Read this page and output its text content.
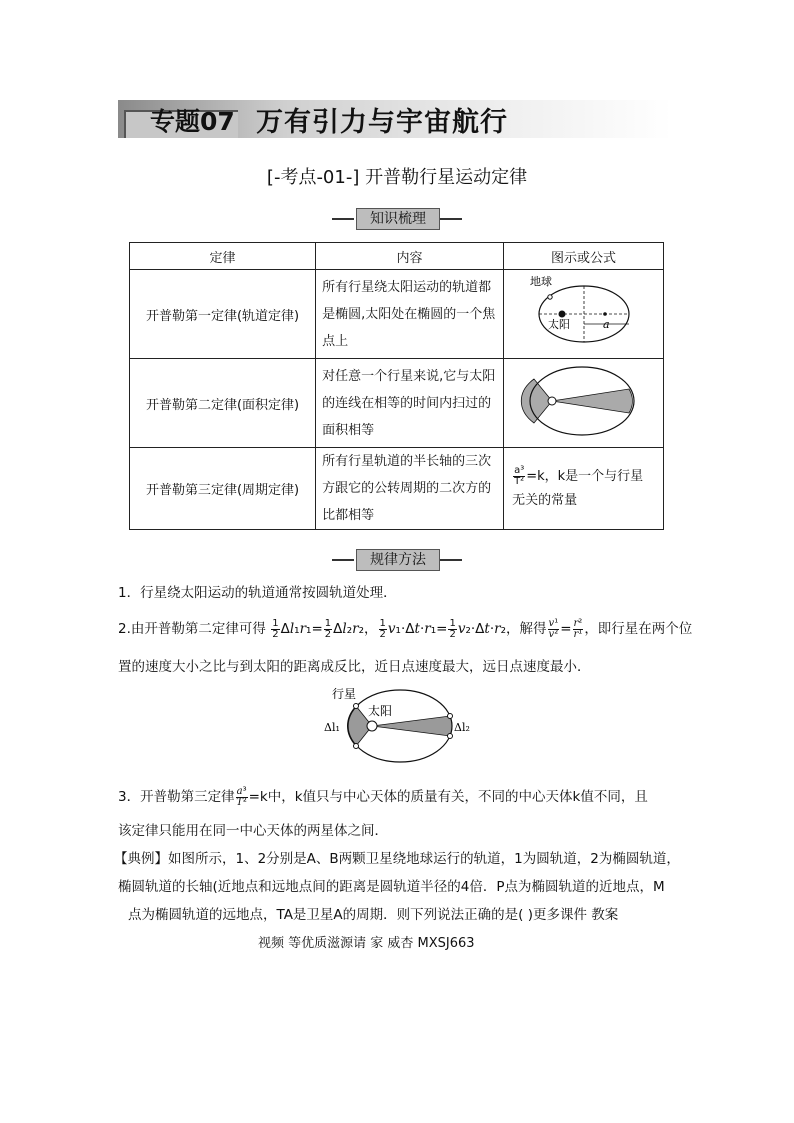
专题07 万有引力与宇宙航行
[-考点-01-] 开普勒行星运动定律
知识梳理
定律	内容	图示或公式
开普勒第一定律(轨道定律)	所有行星绕太阳运动的轨道都是椭圆,太阳处在椭圆的一个焦点上	地球
太阳 a

开普勒第二定律(面积定律)	对任意一个行星来说,它与太阳的连线在相等的时间内扫过的面积相等	
开普勒第三定律(周期定律)	所有行星轨道的半长轴的三次方跟它的公转周期的二次方的比都相等	$\frac{\text{a³}}{\text{T²}} =k$，k是一个与行星无关的常量
规律方法
1．行星绕太阳运动的轨道通常按圆轨道处理．
2.由开普勒第二定律可得 $\frac{1}{2} \Delta l_1r_1= \frac{1}{2} \Delta l_2r_2$， $\frac{1}{2} v_1\cdot\Delta t\cdot r_1= \frac{1}{2} v_2\cdot\Delta t\cdot r_2$，解得 $\frac{\text{v¹}}{\text{v²}} = \frac{\text{r²}}{\text{r¹}}$ ，即行星在两个位
置的速度大小之比与到太阳的距离成反比，近日点速度最大，远日点速度最小．
行星
太阳
Δl₁	Δl₂
3．开普勒第三定律 $\frac{\text{a³}}{\text{T²}} =k$中，k值只与中心天体的质量有关，不同的中心天体k值不同，且
该定律只能用在同一中心天体的两星体之间．
【典例】如图所示，1、2分别是A、B两颗卫星绕地球运行的轨道，1为圆轨道，2为椭圆轨道，
椭圆轨道的长轴(近地点和远地点间的距离是圆轨道半径的4倍．P点为椭圆轨道的近地点，M
点为椭圆轨道的远地点，TA是卫星A的周期．则下列说法正确的是( )更多课件 教案
视频 等优质滋源请 家 威杏 MXSJ663
